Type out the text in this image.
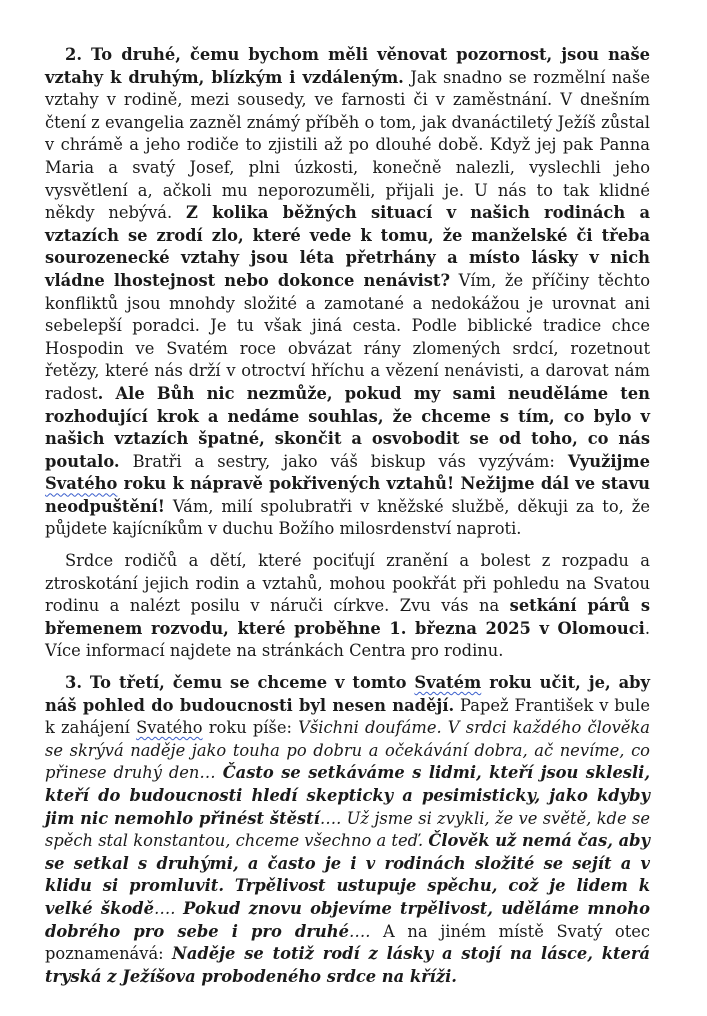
2. To druhé, čemu bychom měli věnovat pozornost, jsou naše vztahy k druhým, blízkým i vzdáleným. Jak snadno se rozmělní naše vztahy v rodině, mezi sousedy, ve farnosti či v zaměstnání. V dnešním čtení z evangelia zazněl známý příběh o tom, jak dvanáctiletý Ježíš zůstal v chrámě a jeho rodiče to zjistili až po dlouhé době. Když jej pak Panna Maria a svatý Josef, plni úzkosti, konečně nalezli, vyslechli jeho vysvětlení a, ačkoli mu neporozuměli, přijali je. U nás to tak klidné někdy nebývá. Z kolika běžných situací v našich rodinách a vztazích se zrodí zlo, které vede k tomu, že manželské či třeba sourozenecké vztahy jsou léta přetrhány a místo lásky v nich vládne lhostejnost nebo dokonce nenávist? Vím, že příčiny těchto konfliktů jsou mnohdy složité a zamotané a nedokážou je urovnat ani sebelepší poradci. Je tu však jiná cesta. Podle biblické tradice chce Hospodin ve Svatém roce obvázat rány zlomených srdcí, rozetnout řetězy, které nás drží v otroctví hříchu a vězení nenávisti, a darovat nám radost. Ale Bůh nic nezmůže, pokud my sami neuděláme ten rozhodující krok a nedáme souhlas, že chceme s tím, co bylo v našich vztazích špatné, skončit a osvobodit se od toho, co nás poutalo. Bratři a sestry, jako váš biskup vás vyzývám: Využijme Svatého roku k nápravě pokřivených vztahů! Nežijme dál ve stavu neodpuštění! Vám, milí spolubratři v kněžské službě, děkuji za to, že půjdete kajícníkům v duchu Božího milosrdenství naproti.

Srdce rodičů a dětí, které pociťují zranění a bolest z rozpadu a ztroskotání jejich rodin a vztahů, mohou pookřát při pohledu na Svatou rodinu a nalézt posilu v náruči církve. Zvu vás na setkání párů s břemenem rozvodu, které proběhne 1. března 2025 v Olomouci. Více informací najdete na stránkách Centra pro rodinu.

3. To třetí, čemu se chceme v tomto Svatém roku učit, je, aby náš pohled do budoucnosti byl nesen nadějí. Papež František v bule k zahájení Svatého roku píše: Všichni doufáme. V srdci každého člověka se skrývá naděje jako touha po dobru a očekávání dobra, ač nevíme, co přinese druhý den… Často se setkáváme s lidmi, kteří jsou sklesli, kteří do budoucnosti hledí skepticky a pesimisticky, jako kdyby jim nic nemohlo přinést štěstí…. Už jsme si zvykli, že ve světě, kde se spěch stal konstantou, chceme všechno a teď. Člověk už nemá čas, aby se setkal s druhými, a často je i v rodinách složité se sejít a v klidu si promluvit. Trpělivost ustupuje spěchu, což je lidem k velké škodě…. Pokud znovu objevíme trpělivost, uděláme mnoho dobrého pro sebe i pro druhé…. A na jiném místě Svatý otec poznamenává: Naděje se totiž rodí z lásky a stojí na lásce, která tryská z Ježíšova probodeného srdce na kříži.
